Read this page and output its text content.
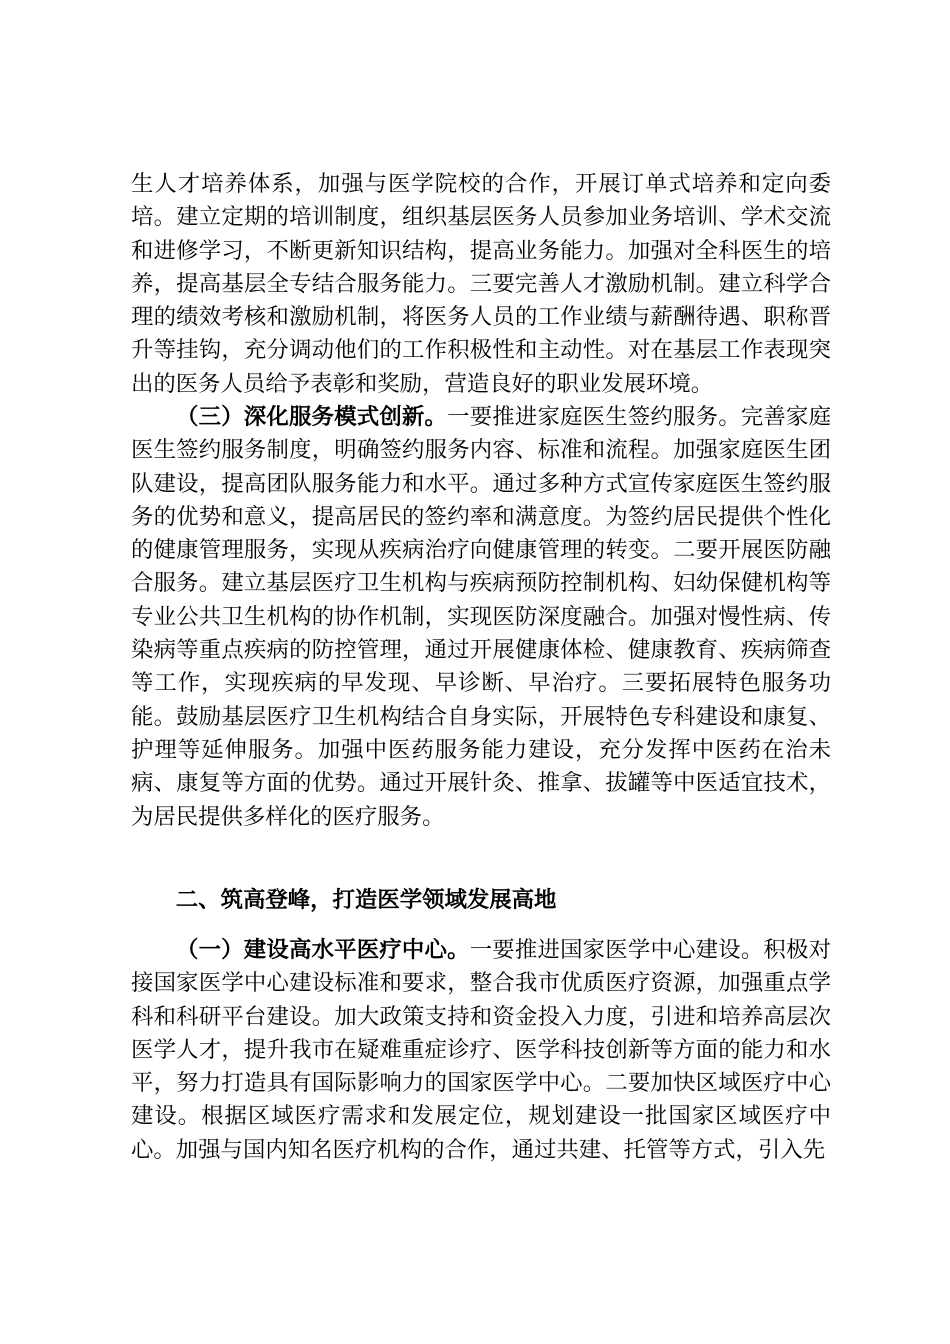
生人才培养体系，加强与医学院校的合作，开展订单式培养和定向委培。建立定期的培训制度，组织基层医务人员参加业务培训、学术交流和进修学习，不断更新知识结构，提高业务能力。加强对全科医生的培养，提高基层全专结合服务能力。三要完善人才激励机制。建立科学合理的绩效考核和激励机制，将医务人员的工作业绩与薪酬待遇、职称晋升等挂钩，充分调动他们的工作积极性和主动性。对在基层工作表现突出的医务人员给予表彰和奖励，营造良好的职业发展环境。

（三）深化服务模式创新。一要推进家庭医生签约服务。完善家庭医生签约服务制度，明确签约服务内容、标准和流程。加强家庭医生团队建设，提高团队服务能力和水平。通过多种方式宣传家庭医生签约服务的优势和意义，提高居民的签约率和满意度。为签约居民提供个性化的健康管理服务，实现从疾病治疗向健康管理的转变。二要开展医防融合服务。建立基层医疗卫生机构与疾病预防控制机构、妇幼保健机构等专业公共卫生机构的协作机制，实现医防深度融合。加强对慢性病、传染病等重点疾病的防控管理，通过开展健康体检、健康教育、疾病筛查等工作，实现疾病的早发现、早诊断、早治疗。三要拓展特色服务功能。鼓励基层医疗卫生机构结合自身实际，开展特色专科建设和康复、护理等延伸服务。加强中医药服务能力建设，充分发挥中医药在治未病、康复等方面的优势。通过开展针灸、推拿、拔罐等中医适宜技术，为居民提供多样化的医疗服务。

二、筑高登峰，打造医学领域发展高地

（一）建设高水平医疗中心。一要推进国家医学中心建设。积极对接国家医学中心建设标准和要求，整合我市优质医疗资源，加强重点学科和科研平台建设。加大政策支持和资金投入力度，引进和培养高层次医学人才，提升我市在疑难重症诊疗、医学科技创新等方面的能力和水平，努力打造具有国际影响力的国家医学中心。二要加快区域医疗中心建设。根据区域医疗需求和发展定位，规划建设一批国家区域医疗中心。加强与国内知名医疗机构的合作，通过共建、托管等方式，引入先
